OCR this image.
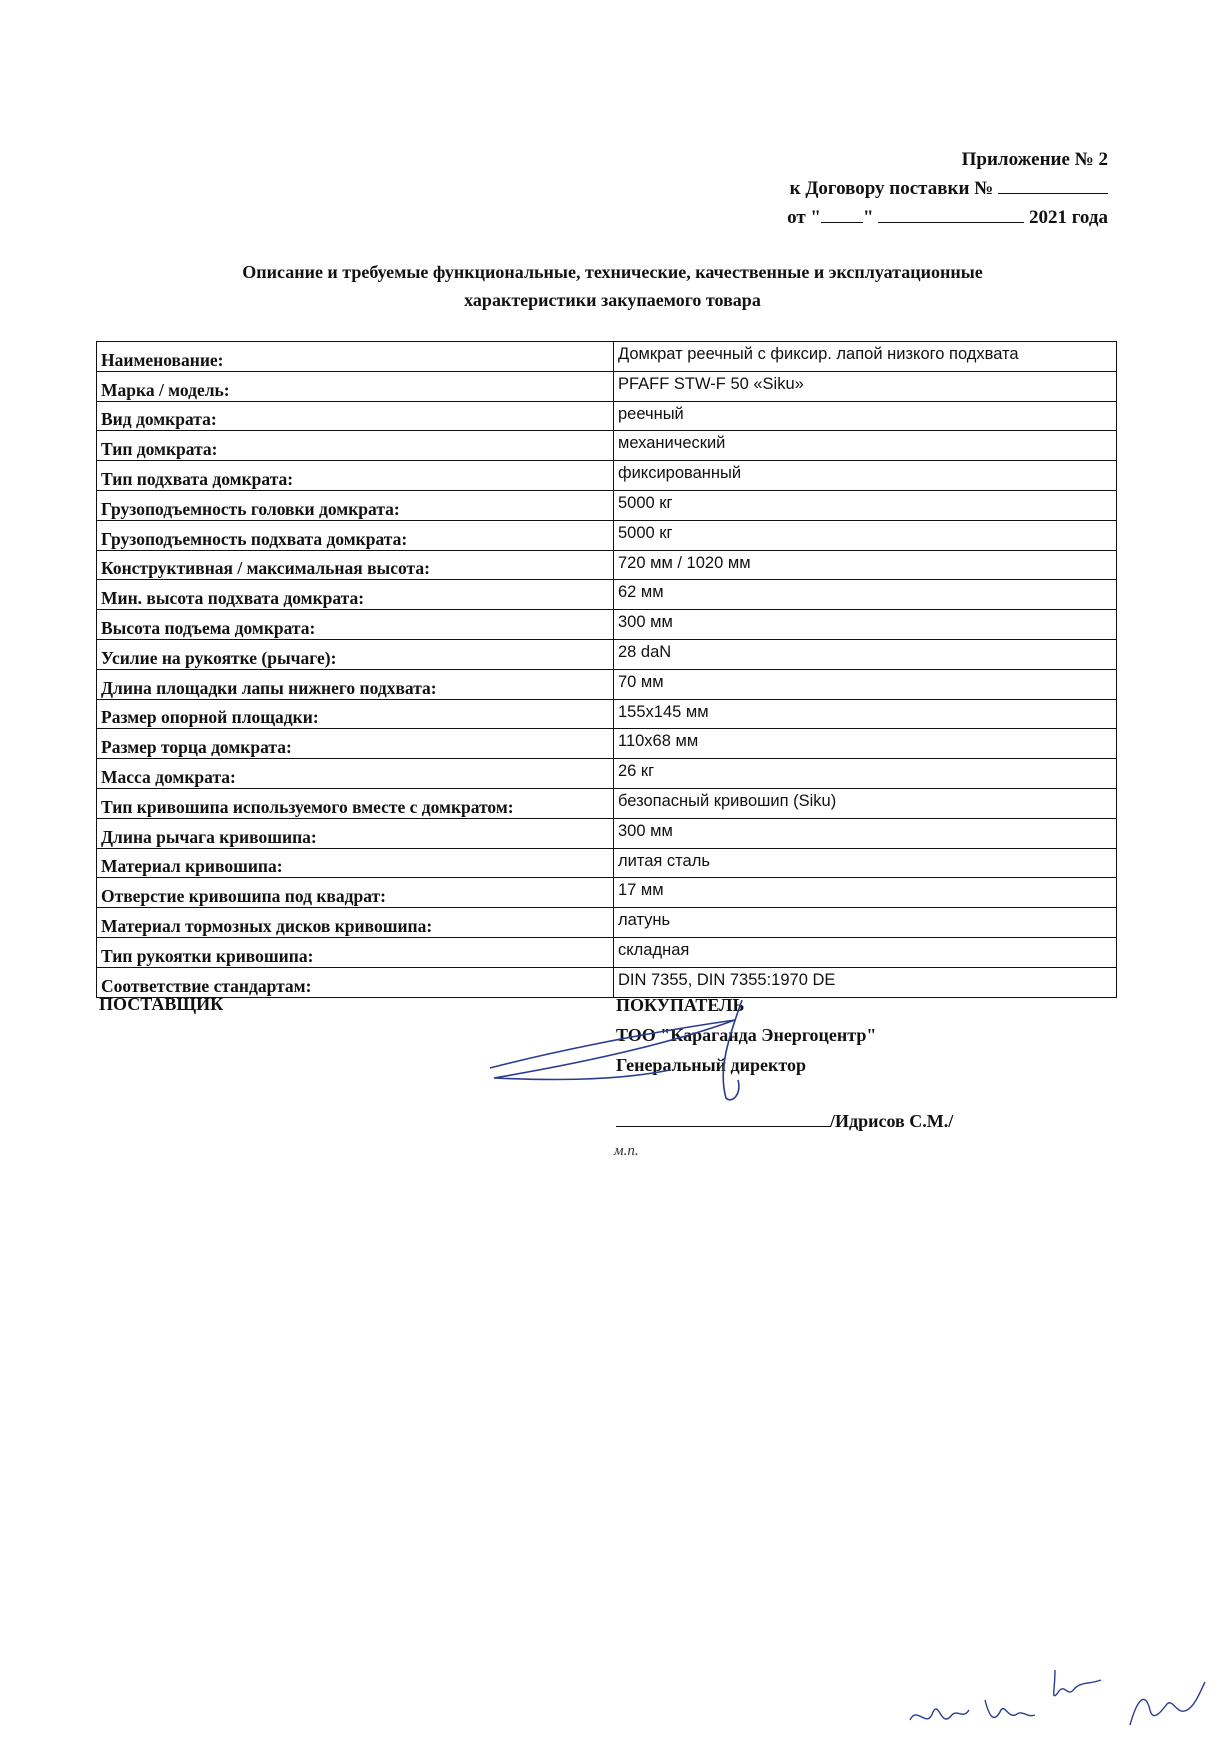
Приложение № 2
к Договору поставки №
от " "	2021 года
Описание и требуемые функциональные, технические, качественные и эксплуатационные
характеристики закупаемого товара
Наименование:	Домкрат реечный с фиксир. лапой низкого подхвата
Марка / модель:	PFAFF STW-F 50 «Siku»
Вид домкрата:	реечный
Тип домкрата:	механический
Тип подхвата домкрата:	фиксированный
Грузоподъемность головки домкрата:	5000 кг
Грузоподъемность подхвата домкрата:	5000 кг
Конструктивная / максимальная высота:	720 мм / 1020 мм
Мин. высота подхвата домкрата:	62 мм
Высота подъема домкрата:	300 мм
Усилие на рукоятке (рычаге):	28 daN
Длина площадки лапы нижнего подхвата:	70 мм
Размер опорной площадки:	155x145 мм
Размер торца домкрата:	110x68 мм
Масса домкрата:	26 кг
Тип кривошипа используемого вместе с домкратом:	безопасный кривошип (Siku)
Длина рычага кривошипа:	300 мм
Материал кривошипа:	литая сталь
Отверстие кривошипа под квадрат:	17 мм
Материал тормозных дисков кривошипа:	латунь
Тип рукоятки кривошипа:	складная
Соответствие стандартам:	DIN 7355, DIN 7355:1970 DE
ПОСТАВЩИК	ПОКУПАТЕЛЬ
ТОО "Караганда Энергоцентр"
Генеральный директор
/Идрисов С.М./
м.п.
